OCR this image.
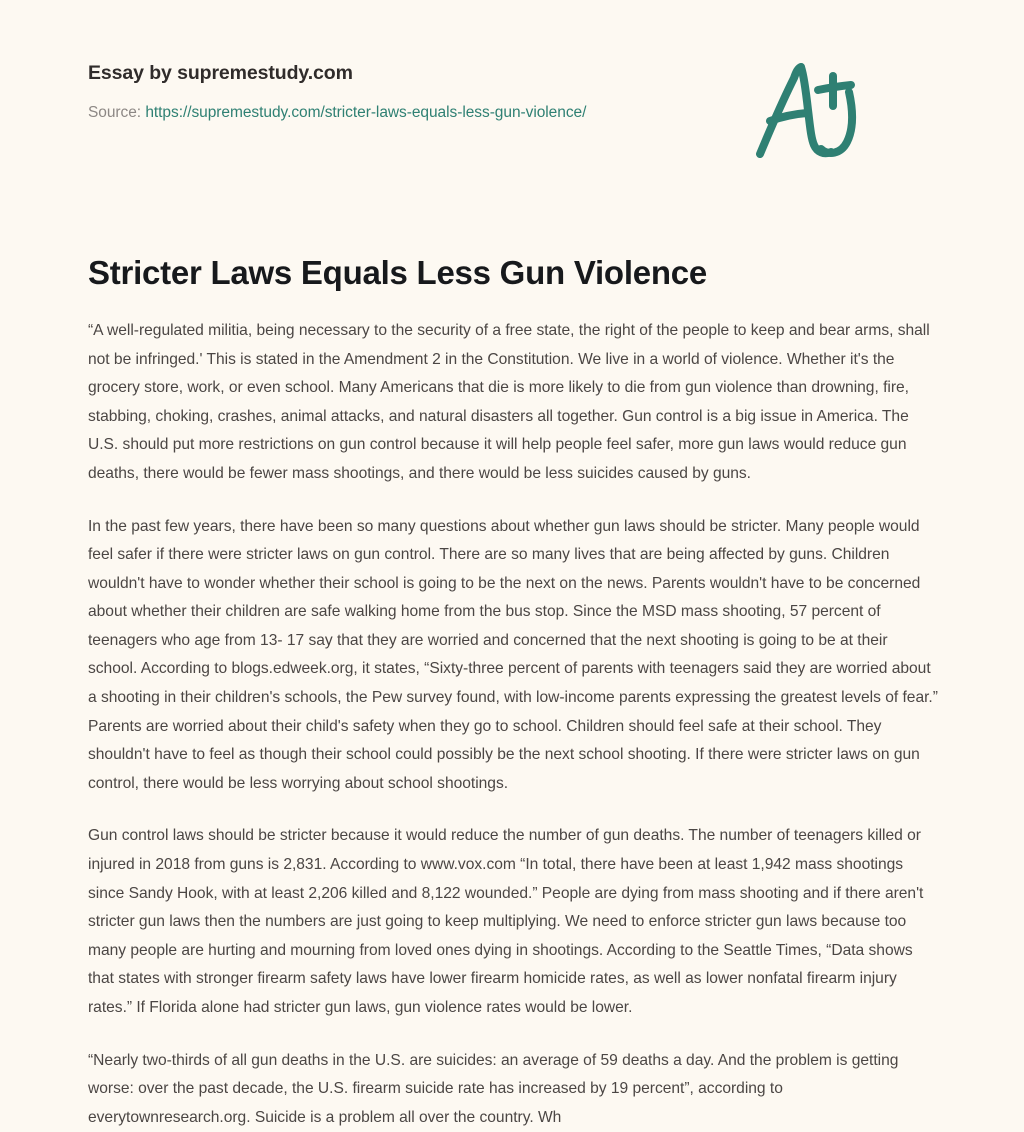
Essay by supremestudy.com
Source: https://supremestudy.com/stricter-laws-equals-less-gun-violence/
Stricter Laws Equals Less Gun Violence

“A well-regulated militia, being necessary to the security of a free state, the right of the people to keep and bear arms, shall not be infringed.' This is stated in the Amendment 2 in the Constitution. We live in a world of violence. Whether it's the grocery store, work, or even school. Many Americans that die is more likely to die from gun violence than drowning, fire, stabbing, choking, crashes, animal attacks, and natural disasters all together. Gun control is a big issue in America. The U.S. should put more restrictions on gun control because it will help people feel safer, more gun laws would reduce gun deaths, there would be fewer mass shootings, and there would be less suicides caused by guns.

In the past few years, there have been so many questions about whether gun laws should be stricter. Many people would feel safer if there were stricter laws on gun control. There are so many lives that are being affected by guns. Children wouldn't have to wonder whether their school is going to be the next on the news. Parents wouldn't have to be concerned about whether their children are safe walking home from the bus stop. Since the MSD mass shooting, 57 percent of teenagers who age from 13- 17 say that they are worried and concerned that the next shooting is going to be at their school. According to blogs.edweek.org, it states, “Sixty-three percent of parents with teenagers said they are worried about a shooting in their children's schools, the Pew survey found, with low-income parents expressing the greatest levels of fear.” Parents are worried about their child's safety when they go to school. Children should feel safe at their school. They shouldn't have to feel as though their school could possibly be the next school shooting. If there were stricter laws on gun control, there would be less worrying about school shootings.

Gun control laws should be stricter because it would reduce the number of gun deaths. The number of teenagers killed or injured in 2018 from guns is 2,831. According to www.vox.com “In total, there have been at least 1,942 mass shootings since Sandy Hook, with at least 2,206 killed and 8,122 wounded.” People are dying from mass shooting and if there aren't stricter gun laws then the numbers are just going to keep multiplying. We need to enforce stricter gun laws because too many people are hurting and mourning from loved ones dying in shootings. According to the Seattle Times, “Data shows that states with stronger firearm safety laws have lower firearm homicide rates, as well as lower nonfatal firearm injury rates.” If Florida alone had stricter gun laws, gun violence rates would be lower.

“Nearly two-thirds of all gun deaths in the U.S. are suicides: an average of 59 deaths a day. And the problem is getting worse: over the past decade, the U.S. firearm suicide rate has increased by 19 percent”, according to everytownresearch.org. Suicide is a problem all over the country. Wh
